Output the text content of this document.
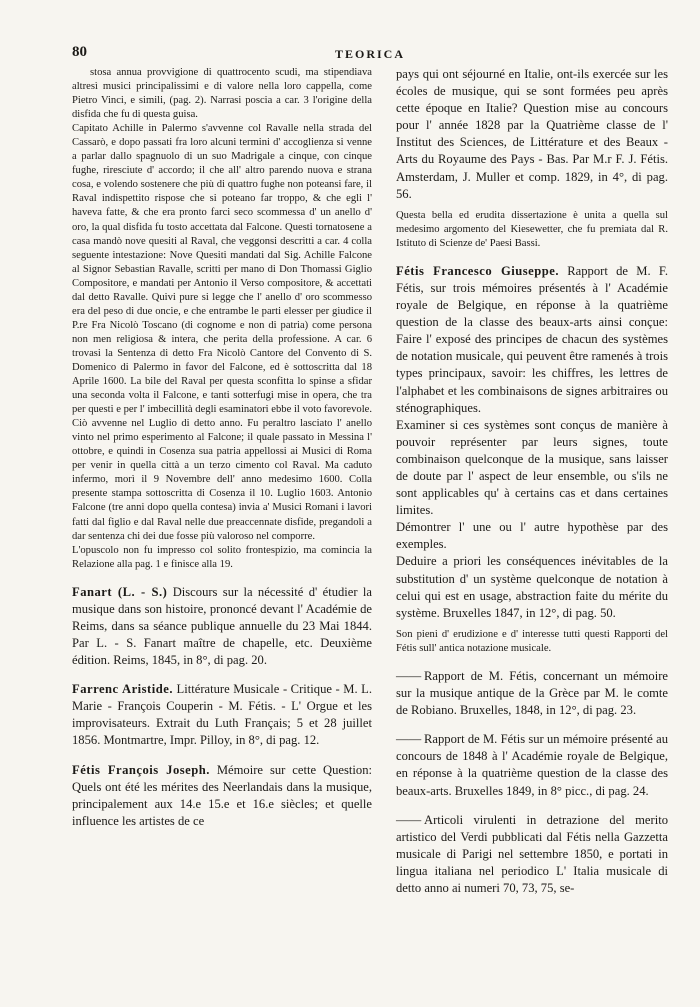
80	TEORICA

stosa annua provvigione di quattrocento scudi, ma stipendiava altresì musici principalissimi e di valore nella loro cappella, come Pietro Vinci, e simili, (pag. 2). Narrasi poscia a car. 3 l'origine della disfida che fu di questa guisa.

Capitato Achille in Palermo s'avvenne col Ravalle nella strada del Cassarò, e dopo passati fra loro alcuni termini d' accoglienza si venne a parlar dallo spagnuolo di un suo Madrigale a cinque, con cinque fughe, riresciute d' accordo; il che all' altro parendo nuova e strana cosa, e volendo sostenere che più di quattro fughe non poteansi fare, il Raval indispettito rispose che si poteano far troppo, & che egli l' haveva fatte, & che era pronto farci seco scommessa d' un anello d' oro, la qual disfida fu tosto accettata dal Falcone. Questi tornatosene a casa mandò nove quesiti al Raval, che veggonsi descritti a car. 4 colla seguente intestazione: Nove Quesiti mandati dal Sig. Achille Falcone al Signor Sebastian Ravalle, scritti per mano di Don Thomassi Giglio Compositore, e mandati per Antonio il Verso compositore, & accettati dal detto Ravalle. Quivi pure si legge che l' anello d' oro scommesso era del peso di due oncie, e che entrambe le parti elesser per giudice il P.re Fra Nicolò Toscano (di cognome e non di patria) come persona non men religiosa & intera, che perita della professione. A car. 6 trovasi la Sentenza di detto Fra Nicolò Cantore del Convento di S. Domenico di Palermo in favor del Falcone, ed è sottoscritta dal 18 Aprile 1600. La bile del Raval per questa sconfitta lo spinse a sfidar una seconda volta il Falcone, e tanti sotterfugi mise in opera, che tra per questi e per l' imbecillità degli esaminatori ebbe il voto favorevole. Ciò avvenne nel Luglio di detto anno. Fu peraltro lasciato l' anello vinto nel primo esperimento al Falcone; il quale passato in Messina l' ottobre, e quindi in Cosenza sua patria appellossi ai Musici di Roma per venir in quella città a un terzo cimento col Raval. Ma caduto infermo, morì il 9 Novembre dell' anno medesimo 1600. Colla presente stampa sottoscritta di Cosenza il 10. Luglio 1603. Antonio Falcone (tre anni dopo quella contesa) invia a' Musici Romani i lavori fatti dal figlio e dal Raval nelle due preaccennate disfide, pregandoli a dar sentenza chi dei due fosse più valoroso nel comporre.

L'opuscolo non fu impresso col solito frontespizio, ma comincia la Relazione alla pag. 1 e finisce alla 19.

Fanart (L. - S.) Discours sur la nécessité d' étudier la musique dans son histoire, prononcé devant l' Académie de Reims, dans sa séance publique annuelle du 23 Mai 1844. Par L. - S. Fanart maître de chapelle, etc. Deuxième édition. Reims, 1845, in 8°, di pag. 20.

Farrenc Aristide. Littérature Musicale - Critique - M. L. Marie - François Couperin - M. Fétis. - L' Orgue et les improvisateurs. Extrait du Luth Français; 5 et 28 juillet 1856. Montmartre, Impr. Pilloy, in 8°, di pag. 12.

Fétis François Joseph. Mémoire sur cette Question: Quels ont été les mérites des Neerlandais dans la musique, principalement aux 14.e 15.e et 16.e siècles; et quelle influence les artistes de ce

pays qui ont séjourné en Italie, ont-ils exercée sur les écoles de musique, qui se sont formées peu après cette époque en Italie? Question mise au concours pour l' année 1828 par la Quatrième classe de l' Institut des Sciences, de Littérature et des Beaux - Arts du Royaume des Pays - Bas. Par M.r F. J. Fétis. Amsterdam, J. Muller et comp. 1829, in 4°, di pag. 56.

Questa bella ed erudita dissertazione è unita a quella sul medesimo argomento del Kiesewetter, che fu premiata dal R. Istituto di Scienze de' Paesi Bassi.

Fétis Francesco Giuseppe. Rapport de M. F. Fétis, sur trois mémoires présentés à l' Académie royale de Belgique, en réponse à la quatrième question de la classe des beaux-arts ainsi conçue: Faire l' exposé des principes de chacun des systèmes de notation musicale, qui peuvent être ramenés à trois types principaux, savoir: les chiffres, les lettres de l'alphabet et les combinaisons de signes arbitraires ou sténographiques.

Examiner si ces systèmes sont conçus de manière à pouvoir représenter par leurs signes, toute combinaison quelconque de la musique, sans laisser de doute par l' aspect de leur ensemble, ou s'ils ne sont applicables qu' à certains cas et dans certaines limites.

Démontrer l' une ou l' autre hypothèse par des exemples.

Deduire a priori les conséquences inévitables de la substitution d' un système quelconque de notation à celui qui est en usage, abstraction faite du mérite du système. Bruxelles 1847, in 12°, di pag. 50.

Son pieni d' erudizione e d' interesse tutti questi Rapporti del Fétis sull' antica notazione musicale.

—— Rapport de M. Fétis, concernant un mémoire sur la musique antique de la Grèce par M. le comte de Robiano. Bruxelles, 1848, in 12°, di pag. 23.

—— Rapport de M. Fétis sur un mémoire présenté au concours de 1848 à l' Académie royale de Belgique, en réponse à la quatrième question de la classe des beaux-arts. Bruxelles 1849, in 8° picc., di pag. 24.

—— Articoli virulenti in detrazione del merito artistico del Verdi pubblicati dal Fétis nella Gazzetta musicale di Parigi nel settembre 1850, e portati in lingua italiana nel periodico L' Italia musicale di detto anno ai numeri 70, 73, 75, se-
